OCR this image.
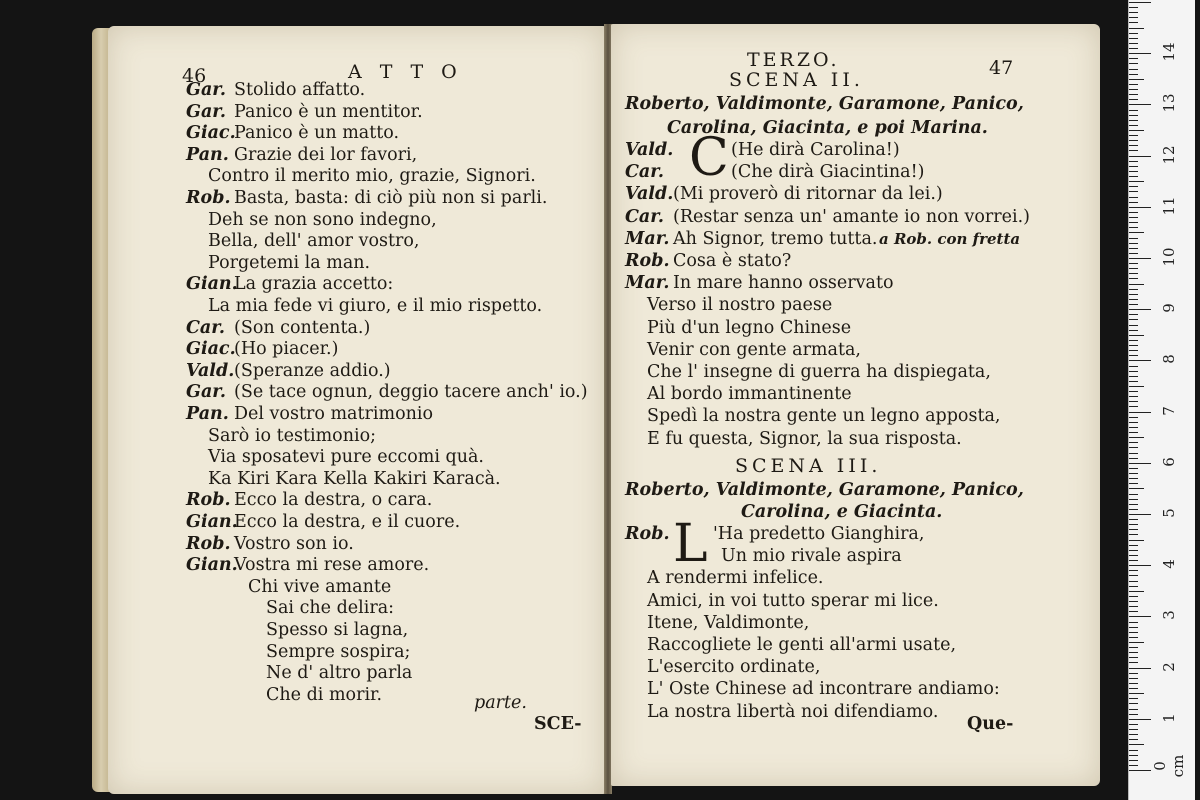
46	A T T O
Gar. Stolido affatto.
Gar. Panico è un mentitor.
Giac.
Panico è un matto.
Pan. Grazie dei lor favori,
Contro il merito mio, grazie, Signori.
Rob. Basta, basta: di ciò più non si parli.
Deh se non sono indegno,
Bella, dell' amor vostro,
Porgetemi la man.
Gian.
La grazia accetto:
La mia fede vi giuro, e il mio rispetto.
Car. (Son contenta.)
Giac.
(Ho piacer.)
Vald. (Speranze addio.)
Gar. (Se tace ognun, deggio tacere anch' io.)
Pan. Del vostro matrimonio
Sarò io testimonio;
Via sposatevi pure eccomi quà.
Ka Kiri Kara Kella Kakiri Karacà.
Rob. Ecco la destra, o cara.
Gian.
Ecco la destra, e il cuore.
Rob. Vostro son io.
Gian.
Vostra mi rese amore.
Chi vive amante
Sai che delira:
Spesso si lagna,
Sempre sospira;
Ne d' altro parla
Che di morir.	parte.
SCE-
TERZO.	47
SCENA II.
Roberto, Valdimonte, Garamone, Panico,
Carolina, Giacinta, e poi Marina.
C
Vald.	(He dirà Carolina!)
Car.	(Che dirà Giacintina!)
Vald. (Mi proverò di ritornar da lei.)
Car. (Restar senza un' amante io non vorrei.)
Mar. Ah Signor, tremo tutta. a Rob. con fretta
Rob. Cosa è stato?
Mar. In mare hanno osservato
Verso il nostro paese
Più d'un legno Chinese
Venir con gente armata,
Che l' insegne di guerra ha dispiegata,
Al bordo immantinente
Spedì la nostra gente un legno apposta,
E fu questa, Signor, la sua risposta.
SCENA III.
Roberto, Valdimonte, Garamone, Panico,
Carolina, e Giacinta.
L
Rob. 'Ha predetto Gianghira,
Un mio rivale aspira
A rendermi infelice.
Amici, in voi tutto sperar mi lice.
Itene, Valdimonte,
Raccogliete le genti all'armi usate,
L'esercito ordinate,
L' Oste Chinese ad incontrare andiamo:
La nostra libertà noi difendiamo.
Que-
0 cm
1
2
3
4
5
6
7
8
9
10
11
12
13
14
